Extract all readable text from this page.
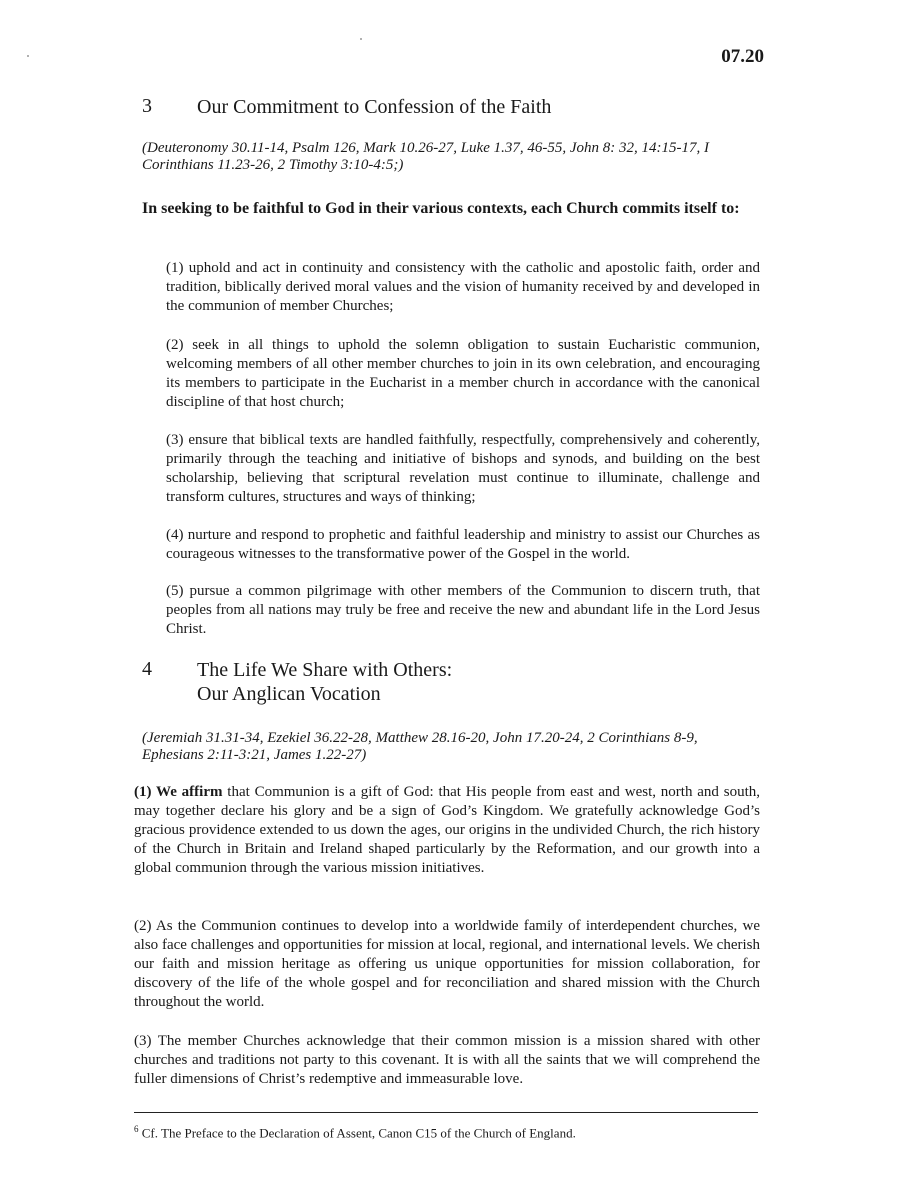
07.20
3	Our Commitment to Confession of the Faith
(Deuteronomy 30.11-14, Psalm 126, Mark 10.26-27, Luke 1.37, 46-55, John 8: 32, 14:15-17, I Corinthians 11.23-26, 2 Timothy 3:10-4:5;)
In seeking to be faithful to God in their various contexts, each Church commits itself to:
(1) uphold and act in continuity and consistency with the catholic and apostolic faith, order and tradition, biblically derived moral values and the vision of humanity received by and developed in the communion of member Churches;
(2) seek in all things to uphold the solemn obligation to sustain Eucharistic communion, welcoming members of all other member churches to join in its own celebration, and encouraging its members to participate in the Eucharist in a member church in accordance with the canonical discipline of that host church;
(3) ensure that biblical texts are handled faithfully, respectfully, comprehensively and coherently, primarily through the teaching and initiative of bishops and synods, and building on the best scholarship, believing that scriptural revelation must continue to illuminate, challenge and transform cultures, structures and ways of thinking;
(4) nurture and respond to prophetic and faithful leadership and ministry to assist our Churches as courageous witnesses to the transformative power of the Gospel in the world.
(5) pursue a common pilgrimage with other members of the Communion to discern truth, that peoples from all nations may truly be free and receive the new and abundant life in the Lord Jesus Christ.
4	The Life We Share with Others:
Our Anglican Vocation
(Jeremiah 31.31-34, Ezekiel 36.22-28, Matthew 28.16-20, John 17.20-24, 2 Corinthians 8-9, Ephesians 2:11-3:21, James 1.22-27)
(1) We affirm that Communion is a gift of God: that His people from east and west, north and south, may together declare his glory and be a sign of God’s Kingdom. We gratefully acknowledge God’s gracious providence extended to us down the ages, our origins in the undivided Church, the rich history of the Church in Britain and Ireland shaped particularly by the Reformation, and our growth into a global communion through the various mission initiatives.
(2) As the Communion continues to develop into a worldwide family of interdependent churches, we also face challenges and opportunities for mission at local, regional, and international levels. We cherish our faith and mission heritage as offering us unique opportunities for mission collaboration, for discovery of the life of the whole gospel and for reconciliation and shared mission with the Church throughout the world.
(3) The member Churches acknowledge that their common mission is a mission shared with other churches and traditions not party to this covenant. It is with all the saints that we will comprehend the fuller dimensions of Christ’s redemptive and immeasurable love.
$^6$ Cf. The Preface to the Declaration of Assent, Canon C15 of the Church of England.
